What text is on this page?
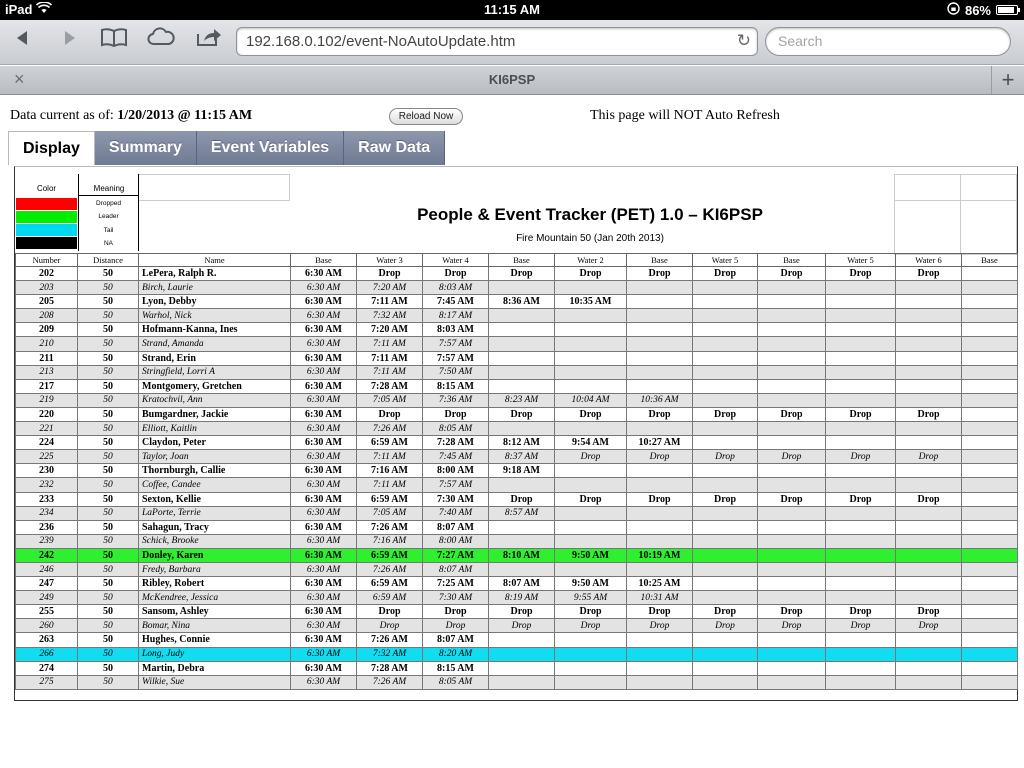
iPad	11:15 AM	86%
192.168.0.102/event-NoAutoUpdate.htm	↻ Search
×	KI6PSP	+
Data current as of: 1/20/2013 @ 11:15 AM	Reload Now	This page will NOT Auto Refresh
Display	Summary	Event Variables	Raw Data
Color	Meaning
Dropped
Leader
Tail
NA
People & Event Tracker (PET) 1.0 – KI6PSP
Fire Mountain 50 (Jan 20th 2013)
Number	Distance	Name	Base	Water 3	Water 4	Base	Water 2	Base	Water 5	Base	Water 5	Water 6	Base
202	50	LePera, Ralph R.	6:30 AM	Drop	Drop	Drop	Drop	Drop	Drop	Drop	Drop	Drop	
203	50	Birch, Laurie	6:30 AM	7:20 AM	8:03 AM								
205	50	Lyon, Debby	6:30 AM	7:11 AM	7:45 AM	8:36 AM	10:35 AM						
208	50	Warhol, Nick	6:30 AM	7:32 AM	8:17 AM								
209	50	Hofmann-Kanna, Ines	6:30 AM	7:20 AM	8:03 AM								
210	50	Strand, Amanda	6:30 AM	7:11 AM	7:57 AM								
211	50	Strand, Erin	6:30 AM	7:11 AM	7:57 AM								
213	50	Stringfield, Lorri A	6:30 AM	7:11 AM	7:50 AM								
217	50	Montgomery, Gretchen	6:30 AM	7:28 AM	8:15 AM								
219	50	Kratochvil, Ann	6:30 AM	7:05 AM	7:36 AM	8:23 AM	10:04 AM	10:36 AM					
220	50	Bumgardner, Jackie	6:30 AM	Drop	Drop	Drop	Drop	Drop	Drop	Drop	Drop	Drop	
221	50	Elliott, Kaitlin	6:30 AM	7:26 AM	8:05 AM								
224	50	Claydon, Peter	6:30 AM	6:59 AM	7:28 AM	8:12 AM	9:54 AM	10:27 AM					
225	50	Taylor, Joan	6:30 AM	7:11 AM	7:45 AM	8:37 AM	Drop	Drop	Drop	Drop	Drop	Drop	
230	50	Thornburgh, Callie	6:30 AM	7:16 AM	8:00 AM	9:18 AM							
232	50	Coffee, Candee	6:30 AM	7:11 AM	7:57 AM								
233	50	Sexton, Kellie	6:30 AM	6:59 AM	7:30 AM	Drop	Drop	Drop	Drop	Drop	Drop	Drop	
234	50	LaPorte, Terrie	6:30 AM	7:05 AM	7:40 AM	8:57 AM							
236	50	Sahagun, Tracy	6:30 AM	7:26 AM	8:07 AM								
239	50	Schick, Brooke	6:30 AM	7:16 AM	8:00 AM								
242	50	Donley, Karen	6:30 AM	6:59 AM	7:27 AM	8:10 AM	9:50 AM	10:19 AM					
246	50	Fredy, Barbara	6:30 AM	7:26 AM	8:07 AM								
247	50	Ribley, Robert	6:30 AM	6:59 AM	7:25 AM	8:07 AM	9:50 AM	10:25 AM					
249	50	McKendree, Jessica	6:30 AM	6:59 AM	7:30 AM	8:19 AM	9:55 AM	10:31 AM					
255	50	Sansom, Ashley	6:30 AM	Drop	Drop	Drop	Drop	Drop	Drop	Drop	Drop	Drop	
260	50	Bomar, Nina	6:30 AM	Drop	Drop	Drop	Drop	Drop	Drop	Drop	Drop	Drop	
263	50	Hughes, Connie	6:30 AM	7:26 AM	8:07 AM								
266	50	Long, Judy	6:30 AM	7:32 AM	8:20 AM								
274	50	Martin, Debra	6:30 AM	7:28 AM	8:15 AM								
275	50	Wilkie, Sue	6:30 AM	7:26 AM	8:05 AM								
